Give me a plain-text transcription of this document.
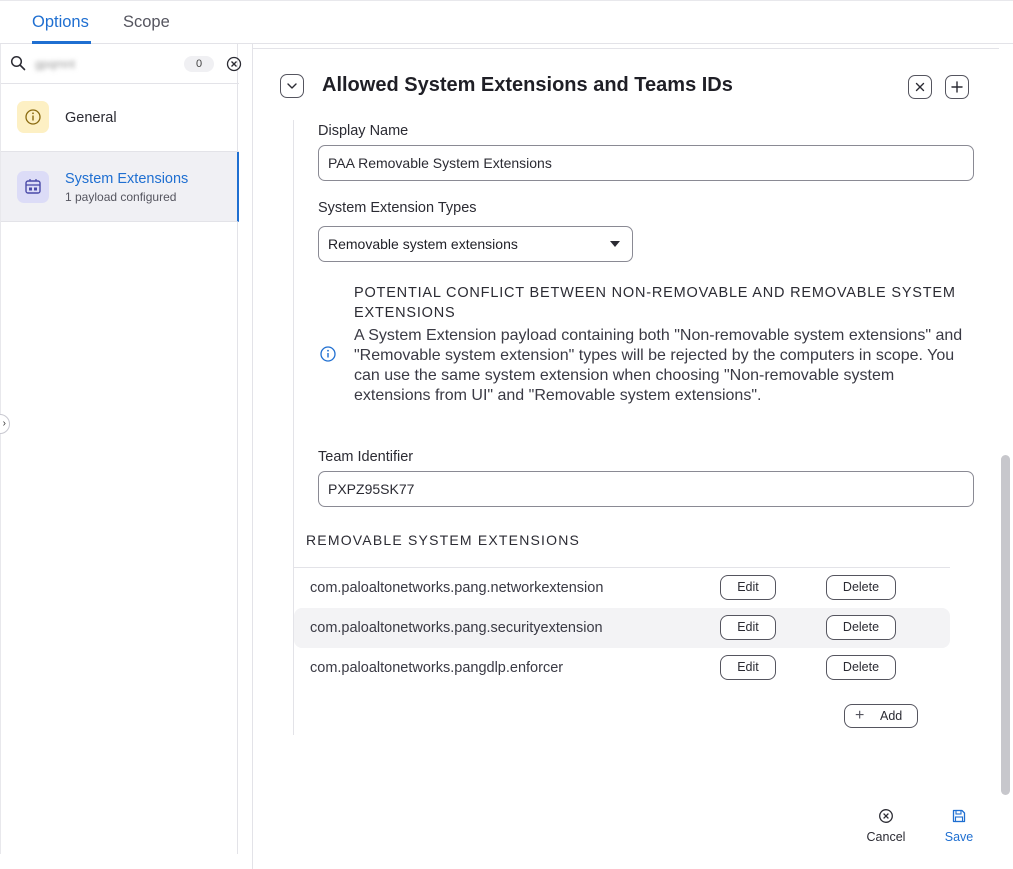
Options Scope
gpqmnt
0
General
System Extensions
1 payload configured
›
Allowed System Extensions and Teams IDs
Display Name
PAA Removable System Extensions
System Extension Types
Removable system extensions
POTENTIAL CONFLICT BETWEEN NON-REMOVABLE AND REMOVABLE SYSTEM EXTENSIONS
A System Extension payload containing both "Non-removable system extensions" and "Removable system extension" types will be rejected by the computers in scope. You can use the same system extension when choosing "Non-removable system extensions from UI" and "Removable system extensions".
Team Identifier
PXPZ95SK77
REMOVABLE SYSTEM EXTENSIONS
com.paloaltonetworks.pang.networkextension	Edit	Delete
com.paloaltonetworks.pang.securityextension	Edit	Delete
com.paloaltonetworks.pangdlp.enforcer	Edit	Delete
+ Add
Cancel	Save
